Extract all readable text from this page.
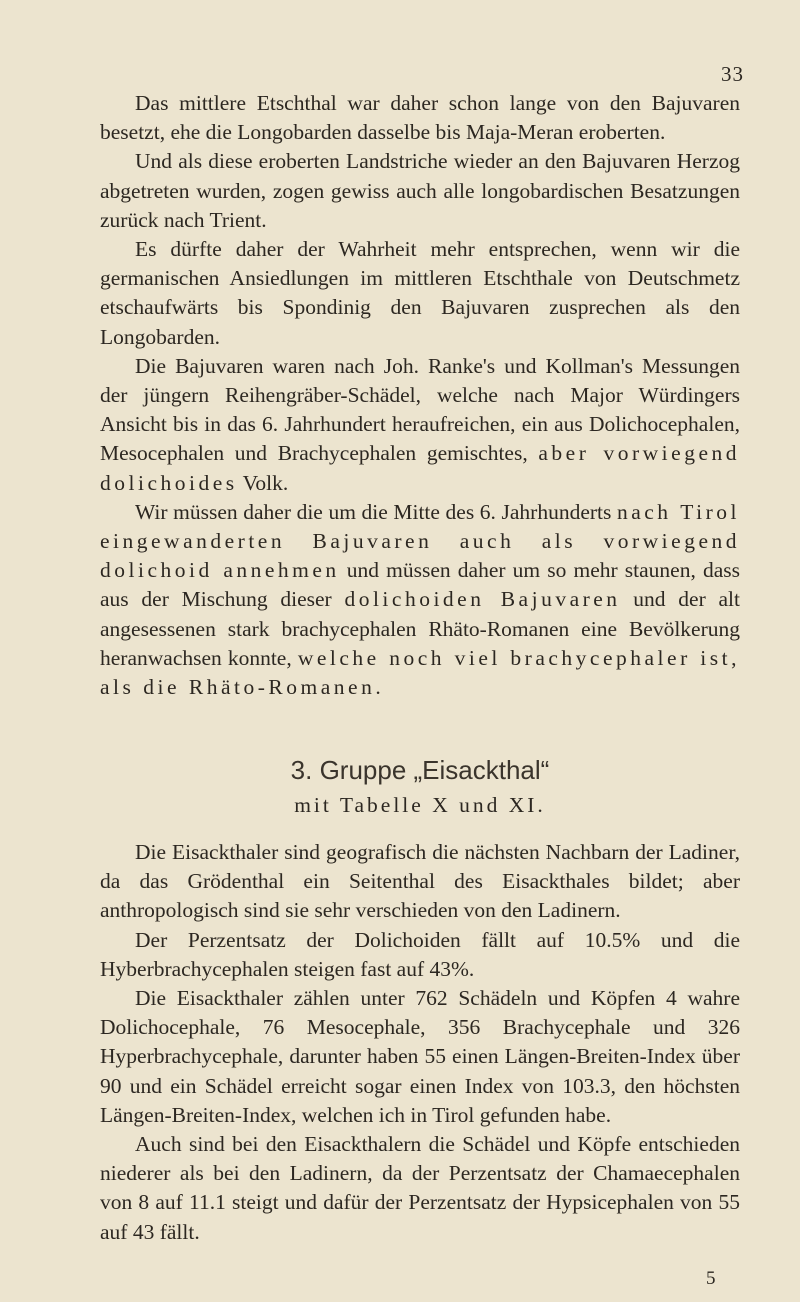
33

Das mittlere Etschthal war daher schon lange von den Bajuvaren besetzt, ehe die Longobarden dasselbe bis Maja-Meran eroberten.

Und als diese eroberten Landstriche wieder an den Bajuvaren Herzog abgetreten wurden, zogen gewiss auch alle longobardischen Besatzungen zurück nach Trient.

Es dürfte daher der Wahrheit mehr entsprechen, wenn wir die germanischen Ansiedlungen im mittleren Etschthale von Deutschmetz etschaufwärts bis Spondinig den Bajuvaren zusprechen als den Longobarden.

Die Bajuvaren waren nach Joh. Ranke's und Kollman's Messungen der jüngern Reihengräber-Schädel, welche nach Major Würdingers Ansicht bis in das 6. Jahrhundert heraufreichen, ein aus Dolichocephalen, Mesocephalen und Brachycephalen gemischtes, aber vorwiegend dolichoides Volk.

Wir müssen daher die um die Mitte des 6. Jahrhunderts nach Tirol eingewanderten Bajuvaren auch als vorwiegend dolichoid annehmen und müssen daher um so mehr staunen, dass aus der Mischung dieser dolichoiden Bajuvaren und der alt angesessenen stark brachycephalen Rhäto-Romanen eine Bevölkerung heranwachsen konnte, welche noch viel brachycephaler ist, als die Rhäto-Romanen.

3. Gruppe „Eisackthal“
mit Tabelle X und XI.

Die Eisackthaler sind geografisch die nächsten Nachbarn der Ladiner, da das Grödenthal ein Seitenthal des Eisackthales bildet; aber anthropologisch sind sie sehr verschieden von den Ladinern.

Der Perzentsatz der Dolichoiden fällt auf 10.5% und die Hyberbrachycephalen steigen fast auf 43%.

Die Eisackthaler zählen unter 762 Schädeln und Köpfen 4 wahre Dolichocephale, 76 Mesocephale, 356 Brachycephale und 326 Hyperbrachycephale, darunter haben 55 einen Längen-Breiten-Index über 90 und ein Schädel erreicht sogar einen Index von 103.3, den höchsten Längen-Breiten-Index, welchen ich in Tirol gefunden habe.

Auch sind bei den Eisackthalern die Schädel und Köpfe entschieden niederer als bei den Ladinern, da der Perzentsatz der Chamaecephalen von 8 auf 11.1 steigt und dafür der Perzentsatz der Hypsicephalen von 55 auf 43 fällt.

5
